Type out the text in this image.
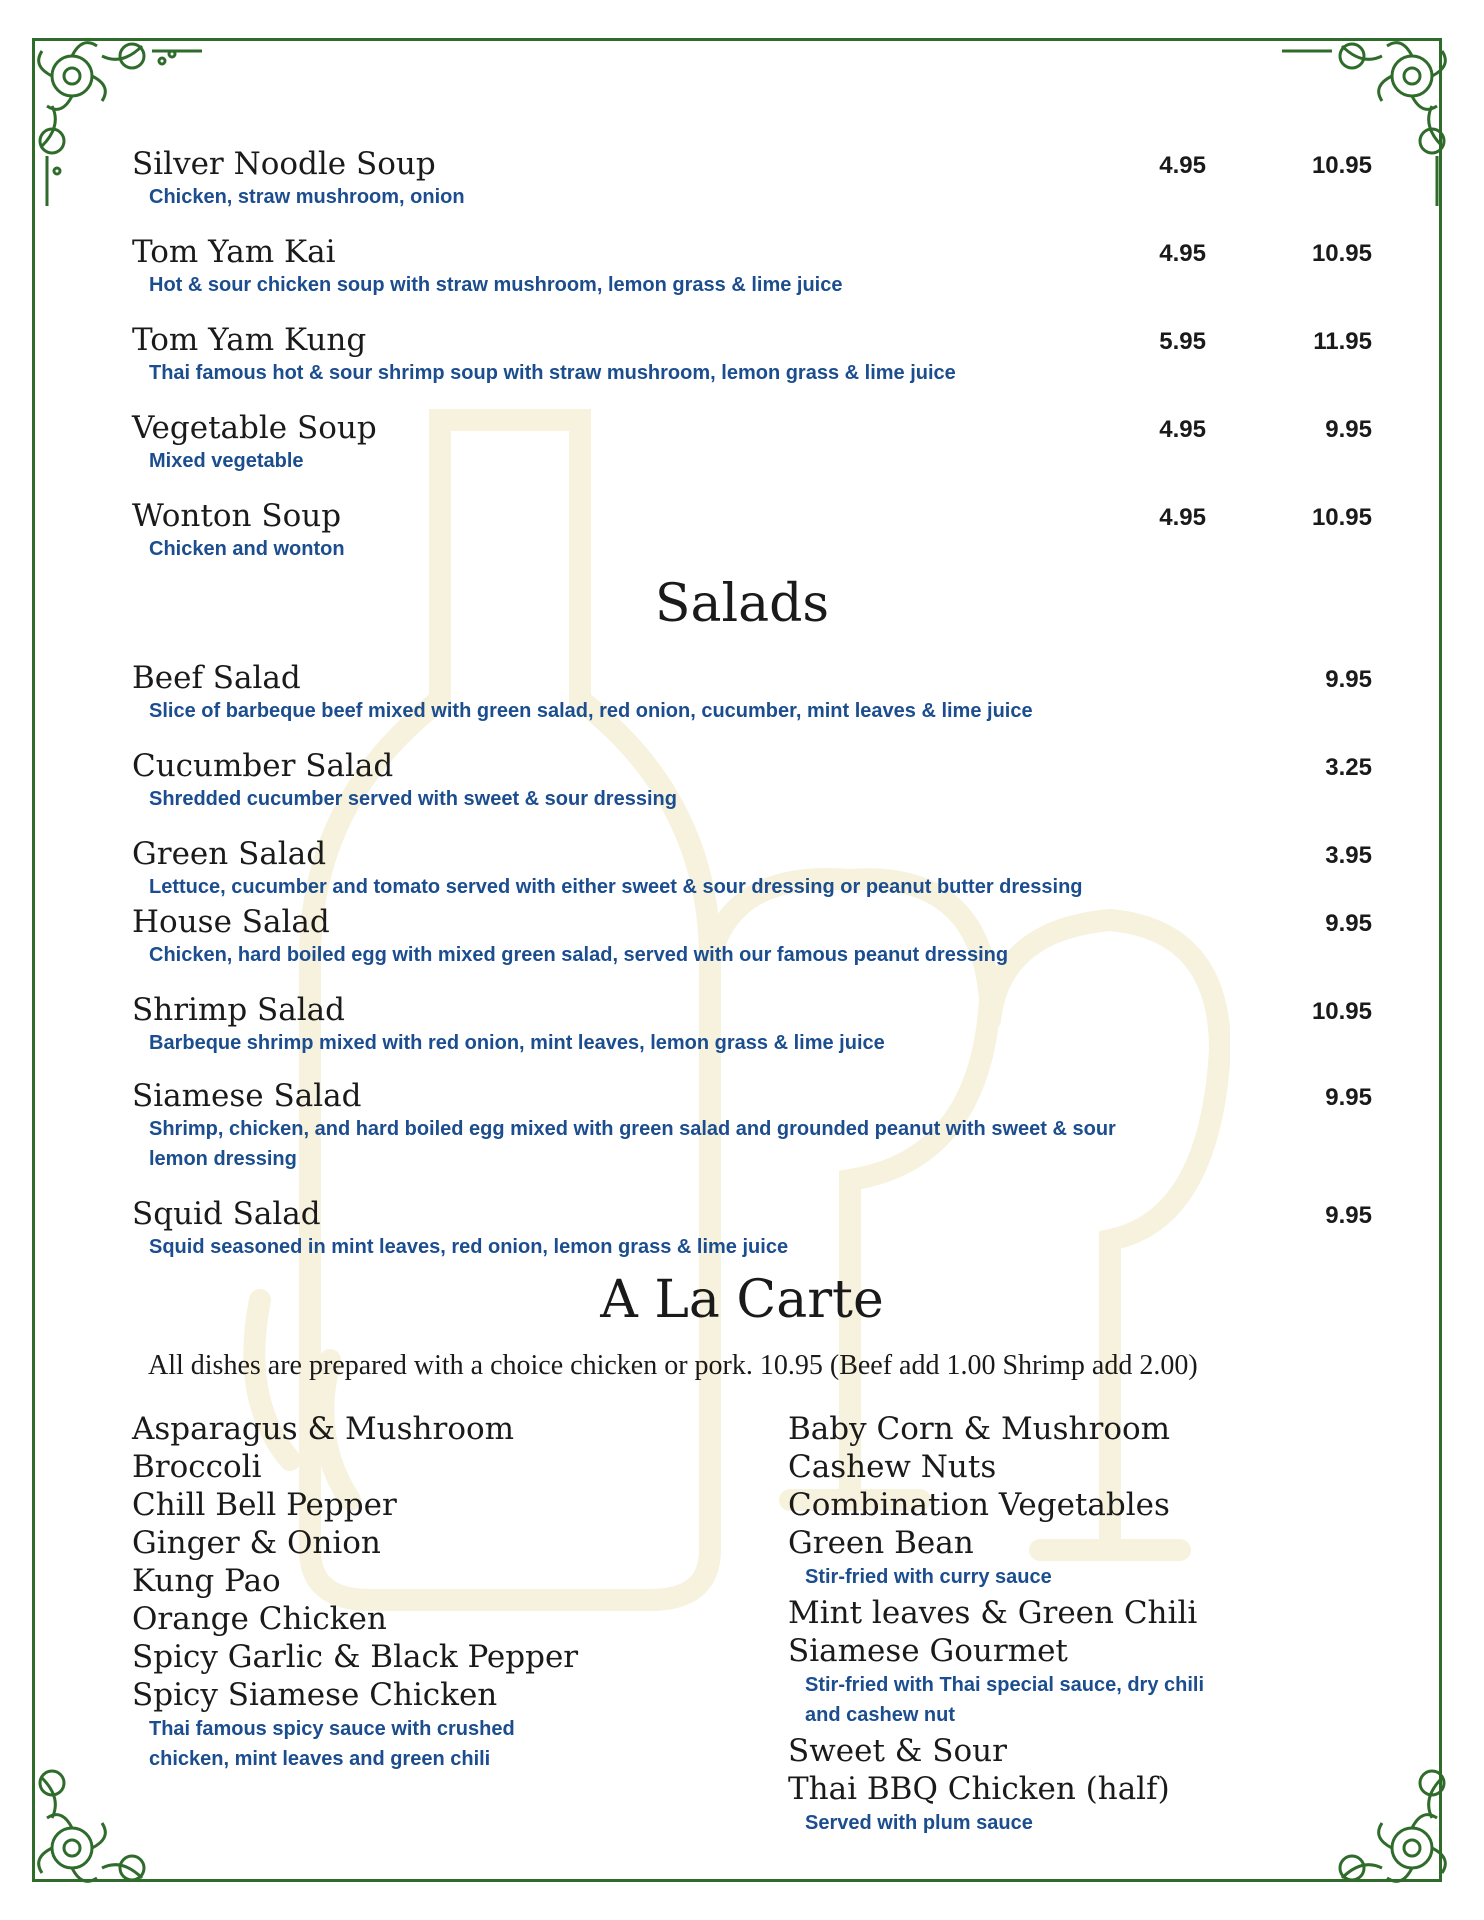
Silver Noodle Soup
Chicken, straw mushroom, onion
4.95	10.95
Tom Yam Kai
Hot & sour chicken soup with straw mushroom, lemon grass & lime juice
4.95	10.95
Tom Yam Kung
Thai famous hot & sour shrimp soup with straw mushroom, lemon grass & lime juice
5.95	11.95
Vegetable Soup
Mixed vegetable
4.95	9.95
Wonton Soup
Chicken and wonton
4.95	10.95
Salads
Beef Salad
Slice of barbeque beef mixed with green salad, red onion, cucumber, mint leaves & lime juice
9.95
Cucumber Salad
Shredded cucumber served with sweet & sour dressing
3.25
Green Salad
Lettuce, cucumber and tomato served with either sweet & sour dressing or peanut butter dressing
3.95
House Salad
Chicken, hard boiled egg with mixed green salad, served with our famous peanut dressing
9.95
Shrimp Salad
Barbeque shrimp mixed with red onion, mint leaves, lemon grass & lime juice
10.95
Siamese Salad
Shrimp, chicken, and hard boiled egg mixed with green salad and grounded peanut with sweet & sour lemon dressing
9.95
Squid Salad
Squid seasoned in mint leaves, red onion, lemon grass & lime juice
9.95
A La Carte
All dishes are prepared with a choice chicken or pork. 10.95 (Beef add 1.00 Shrimp add 2.00)
Asparagus & Mushroom
Broccoli
Chill Bell Pepper
Ginger & Onion
Kung Pao
Orange Chicken
Spicy Garlic & Black Pepper
Spicy Siamese Chicken
Thai famous spicy sauce with crushed chicken, mint leaves and green chili
Baby Corn & Mushroom
Cashew Nuts
Combination Vegetables
Green Bean
Stir-fried with curry sauce
Mint leaves & Green Chili
Siamese Gourmet
Stir-fried with Thai special sauce, dry chili and cashew nut
Sweet & Sour
Thai BBQ Chicken (half)
Served with plum sauce
